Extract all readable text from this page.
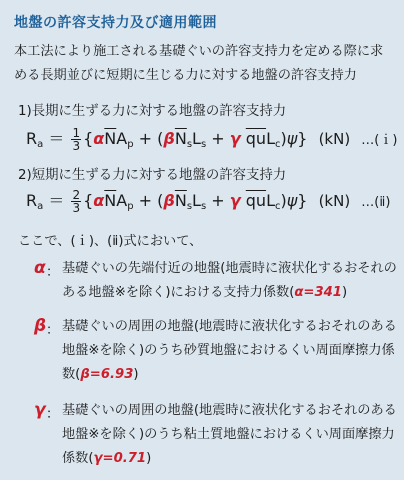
地盤の許容支持力及び適用範囲
本工法により施工される基礎ぐいの許容支持力を定める際に求める長期並びに短期に生じる力に対する地盤の許容支持力
1)長期に生ずる力に対する地盤の許容支持力
$R_a = \frac{1}{3} \{\alpha\overline{N}A_p + (\beta\overline{N}_sL_s + \gamma$ $\overline{qu}L_c)\psi$} (kN) …(ｉ)
2)短期に生ずる力に対する地盤の許容支持力
$R_a = \frac{2}{3} \{\alpha\overline{N}A_p + (\beta\overline{N}_sL_s + \gamma$ $\overline{qu}L_c)\psi$} (kN) …(ⅱ)
ここで、(ｉ)、(ⅱ)式において、
α ： 基礎ぐいの先端付近の地盤(地震時に液状化するおそれのある地盤※を除く)における支持力係数(α=341)
β ： 基礎ぐいの周囲の地盤(地震時に液状化するおそれのある地盤※を除く)のうち砂質地盤におけるくい周面摩擦力係数(β=6.93)
γ ： 基礎ぐいの周囲の地盤(地震時に液状化するおそれのある地盤※を除く)のうち粘土質地盤におけるくい周面摩擦力係数(γ=0.71)
